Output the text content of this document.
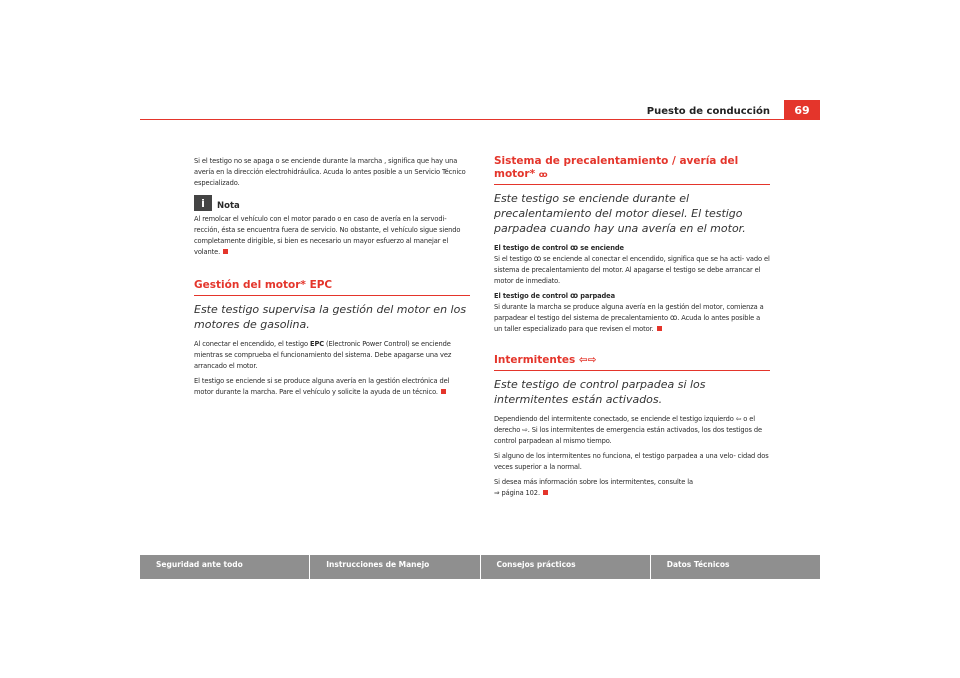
Puesto de conducción	69

Si el testigo no se apaga o se enciende durante la marcha , significa que hay una avería en la dirección electrohidráulica. Acuda lo antes posible a un Servicio Técnico especializado.

i	Nota

Al remolcar el vehículo con el motor parado o en caso de avería en la servodi- rección, ésta se encuentra fuera de servicio. No obstante, el vehículo sigue siendo completamente dirigible, si bien es necesario un mayor esfuerzo al manejar el volante.

Gestión del motor* EPC
Este testigo supervisa la gestión del motor en los motores de gasolina.

Al conectar el encendido, el testigo EPC (Electronic Power Control) se enciende mientras se comprueba el funcionamiento del sistema. Debe apagarse una vez arrancado el motor.

El testigo se enciende si se produce alguna avería en la gestión electrónica del motor durante la marcha. Pare el vehículo y solicite la ayuda de un técnico.

Sistema de precalentamiento / avería del motor* ꝏ
Este testigo se enciende durante el precalentamiento del motor diesel. El testigo parpadea cuando hay una avería en el motor.

El testigo de control ꝏ se enciende

Si el testigo ꝏ se enciende al conectar el encendido, significa que se ha acti- vado el sistema de precalentamiento del motor. Al apagarse el testigo se debe arrancar el motor de inmediato.

El testigo de control ꝏ parpadea

Si durante la marcha se produce alguna avería en la gestión del motor, comienza a parpadear el testigo del sistema de precalentamiento ꝏ. Acuda lo antes posible a un taller especializado para que revisen el motor.

Intermitentes ⇦⇨
Este testigo de control parpadea si los intermitentes están activados.

Dependiendo del intermitente conectado, se enciende el testigo izquierdo ⇦ o el derecho ⇨. Si los intermitentes de emergencia están activados, los dos testigos de control parpadean al mismo tiempo.

Si alguno de los intermitentes no funciona, el testigo parpadea a una velo- cidad dos veces superior a la normal.

Si desea más información sobre los intermitentes, consulte la
⇒ página 102.

Seguridad ante todo	Instrucciones de Manejo	Consejos prácticos	Datos Técnicos
